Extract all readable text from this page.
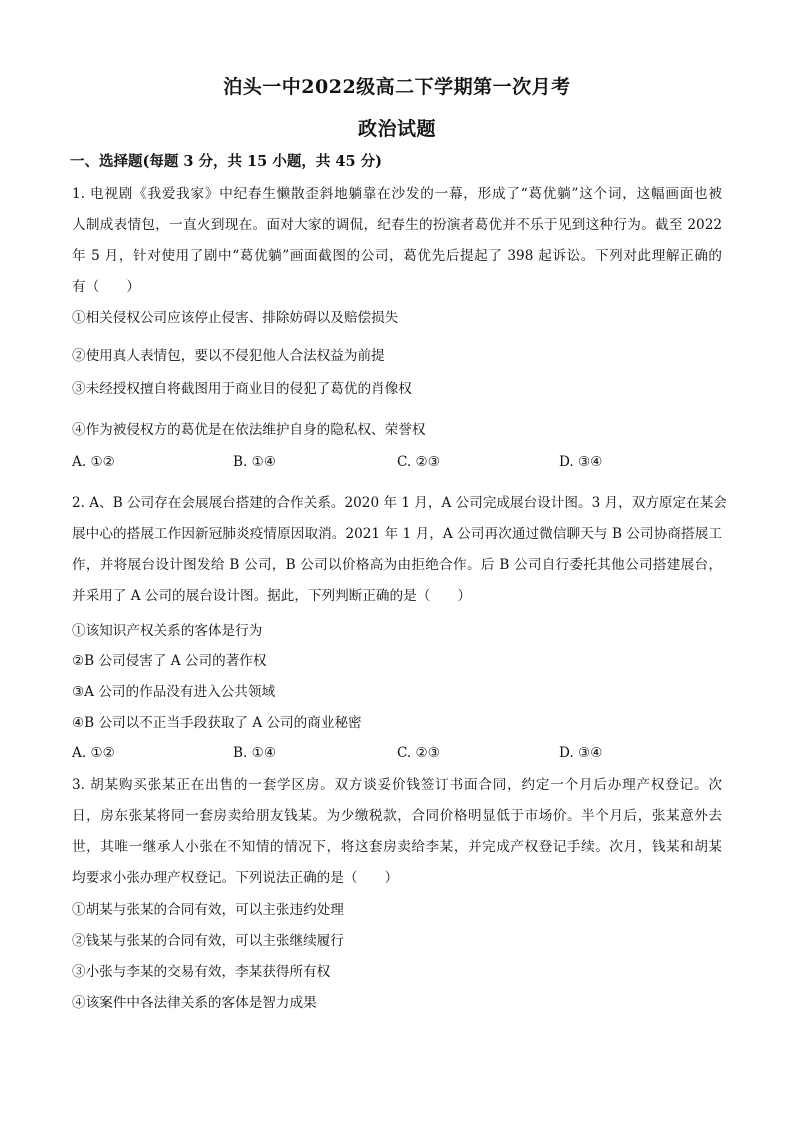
泊头一中2022级高二下学期第一次月考
政治试题
一、选择题(每题 3 分，共 15 小题，共 45 分)
1. 电视剧《我爱我家》中纪春生懒散歪斜地躺靠在沙发的一幕，形成了“葛优躺”这个词，这幅画面也被
人制成表情包，一直火到现在。面对大家的调侃，纪春生的扮演者葛优并不乐于见到这种行为。截至 2022
年 5 月，针对使用了剧中“葛优躺”画面截图的公司，葛优先后提起了 398 起诉讼。下列对此理解正确的
有（　　）
①相关侵权公司应该停止侵害、排除妨碍以及赔偿损失
②使用真人表情包，要以不侵犯他人合法权益为前提
③未经授权擅自将截图用于商业目的侵犯了葛优的肖像权
④作为被侵权方的葛优是在依法维护自身的隐私权、荣誉权
A. ①②	B. ①④	C. ②③	D. ③④
2. A、B 公司存在会展展台搭建的合作关系。2020 年 1 月，A 公司完成展台设计图。3 月，双方原定在某会
展中心的搭展工作因新冠肺炎疫情原因取消。2021 年 1 月，A 公司再次通过微信聊天与 B 公司协商搭展工
作，并将展台设计图发给 B 公司，B 公司以价格高为由拒绝合作。后 B 公司自行委托其他公司搭建展台，
并采用了 A 公司的展台设计图。据此，下列判断正确的是（　　）
①该知识产权关系的客体是行为
②B 公司侵害了 A 公司的著作权
③A 公司的作品没有进入公共领域
④B 公司以不正当手段获取了 A 公司的商业秘密
A. ①②	B. ①④	C. ②③	D. ③④
3. 胡某购买张某正在出售的一套学区房。双方谈妥价钱签订书面合同，约定一个月后办理产权登记。次
日，房东张某将同一套房卖给朋友钱某。为少缴税款，合同价格明显低于市场价。半个月后，张某意外去
世，其唯一继承人小张在不知情的情况下，将这套房卖给李某，并完成产权登记手续。次月，钱某和胡某
均要求小张办理产权登记。下列说法正确的是（　　）
①胡某与张某的合同有效，可以主张违约处理
②钱某与张某的合同有效，可以主张继续履行
③小张与李某的交易有效，李某获得所有权
④该案件中各法律关系的客体是智力成果
